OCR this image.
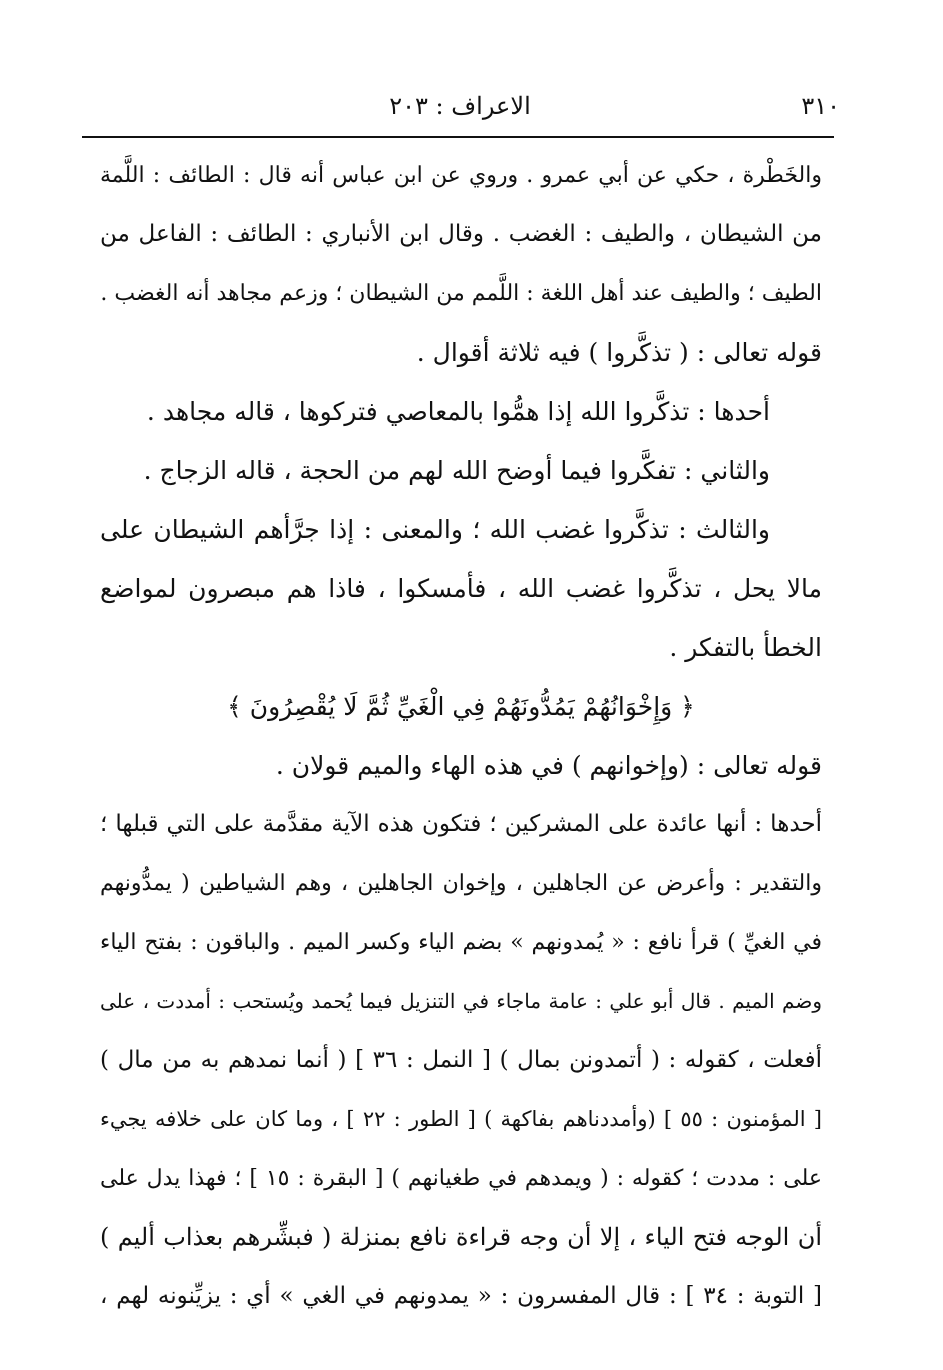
٣١٠
الاعراف : ٢٠٣
والخَطْرة ، حكي عن أبي عمرو . وروي عن ابن عباس أنه قال : الطائف : اللَّمة
من الشيطان ، والطيف : الغضب . وقال ابن الأنباري : الطائف : الفاعل من
الطيف ؛ والطيف عند أهل اللغة : اللَّمم من الشيطان ؛ وزعم مجاهد أنه الغضب .
قوله تعالى : ( تذكَّروا ) فيه ثلاثة أقوال .
أحدها : تذكَّروا الله إذا همُّوا بالمعاصي فتركوها ، قاله مجاهد .
والثاني : تفكَّروا فيما أوضح الله لهم من الحجة ، قاله الزجاج .
والثالث : تذكَّروا غضب الله ؛ والمعنى : إذا جرَّأهم الشيطان على
مالا يحل ، تذكَّروا غضب الله ، فأمسكوا ، فاذا هم مبصرون لمواضع
الخطأ بالتفكر .
﴿ وَإِخْوَانُهُمْ يَمُدُّونَهُمْ فِي الْغَيِّ ثُمَّ لَا يُقْصِرُونَ ﴾
قوله تعالى : (وإخوانهم ) في هذه الهاء والميم قولان .
أحدها : أنها عائدة على المشركين ؛ فتكون هذه الآية مقدَّمة على التي قبلها ؛
والتقدير : وأعرض عن الجاهلين ، وإخوان الجاهلين ، وهم الشياطين ( يمدُّونهم
في الغيِّ ) قرأ نافع : « يُمدونهم » بضم الياء وكسر الميم . والباقون : بفتح الياء
وضم الميم . قال أبو علي : عامة ماجاء في التنزيل فيما يُحمد ويُستحب : أمددت ، على
أفعلت ، كقوله : ( أتمدونن بمال ) [ النمل : ٣٦ ] ( أنما نمدهم به من مال )
[ المؤمنون : ٥٥ ] (وأمددناهم بفاكهة ) [ الطور : ٢٢ ] ، وما كان على خلافه يجيء
على : مددت ؛ كقوله : ( ويمدهم في طغيانهم ) [ البقرة : ١٥ ] ؛ فهذا يدل على
أن الوجه فتح الياء ، إلا أن وجه قراءة نافع بمنزلة ( فبشِّرهم بعذاب أليم )
[ التوبة : ٣٤ ] : قال المفسرون : « يمدونهم في الغي » أي : يزيِّنونه لهم ،
